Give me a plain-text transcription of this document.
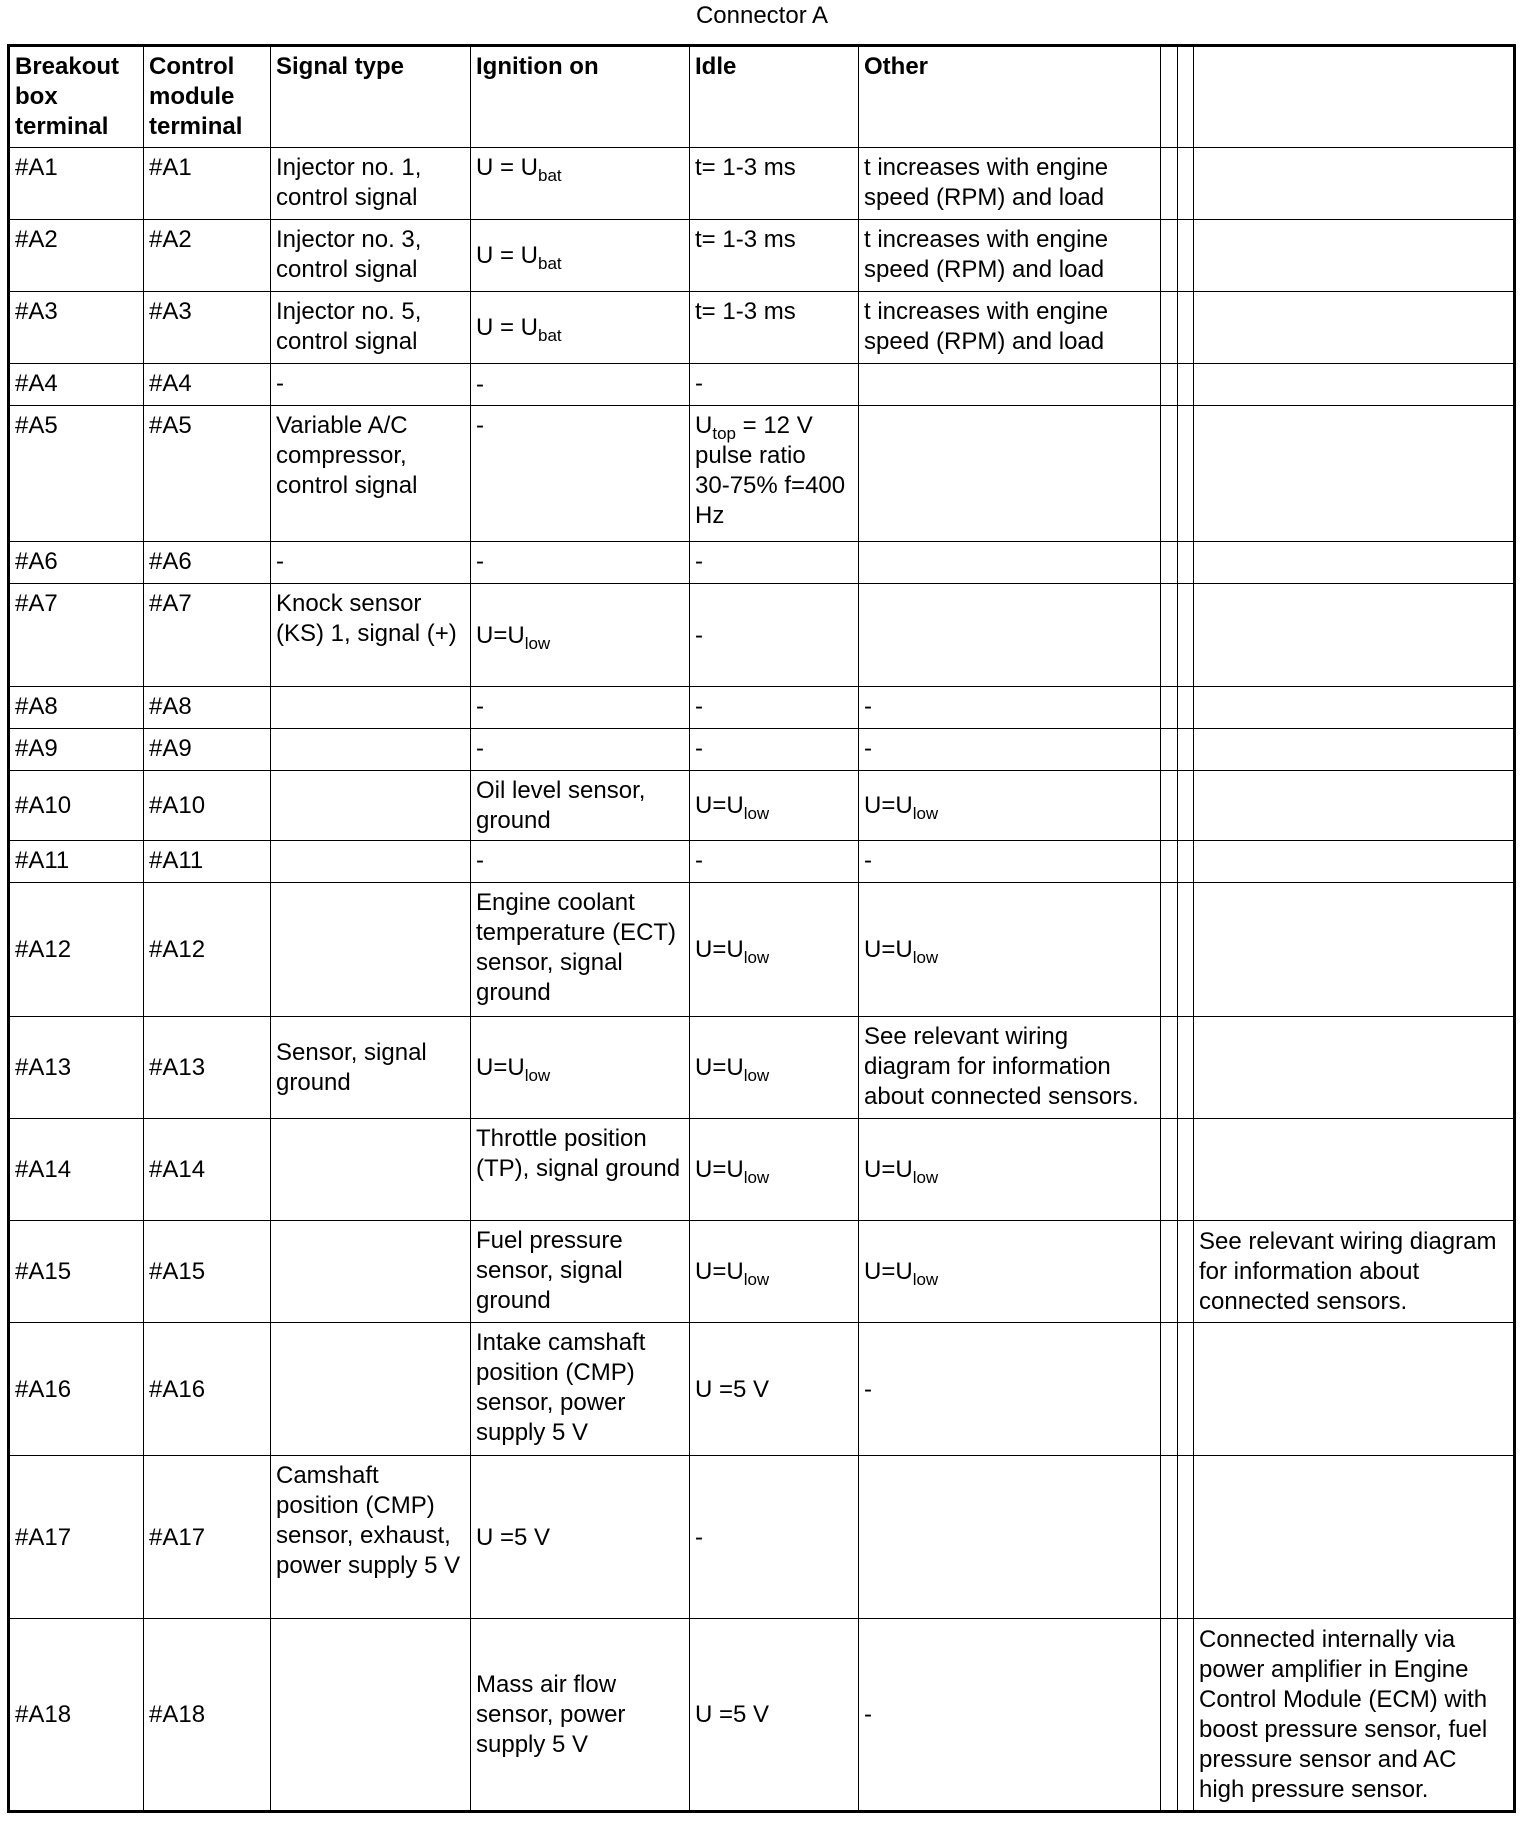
Connector A
Breakout box terminal	Control module terminal	Signal type	Ignition on	Idle	Other			
#A1	#A1	Injector no. 1, control signal	$U = U_{bat}$	t= 1-3 ms	t increases with engine speed (RPM) and load			
#A2	#A2	Injector no. 3, control signal	$U = U_{bat}$	t= 1-3 ms	t increases with engine speed (RPM) and load			
#A3	#A3	Injector no. 5, control signal	$U = U_{bat}$	t= 1-3 ms	t increases with engine speed (RPM) and load			
#A4	#A4	-	-	-				
#A5	#A5	Variable A/C compressor, control signal	-	$U_{top} = 12$ V
pulse ratio
30-75% f=400
Hz				
#A6	#A6	-	-	-				
#A7	#A7	Knock sensor (KS) 1, signal (+)	$U=U_{low}$	-				
#A8	#A8		-	-	-			
#A9	#A9		-	-	-			
#A10	#A10		Oil level sensor, ground	$U=U_{low}$	$U=U_{low}$			
#A11	#A11		-	-	-			
#A12	#A12		Engine coolant temperature (ECT) sensor, signal ground	$U=U_{low}$	$U=U_{low}$			
#A13	#A13	Sensor, signal ground	$U=U_{low}$	$U=U_{low}$	See relevant wiring diagram for information about connected sensors.			
#A14	#A14		Throttle position (TP), signal ground	$U=U_{low}$	$U=U_{low}$			
#A15	#A15		Fuel pressure sensor, signal ground	$U=U_{low}$	$U=U_{low}$			See relevant wiring diagram for information about connected sensors.
#A16	#A16		Intake camshaft position (CMP) sensor, power supply 5 V	U =5 V	-			
#A17	#A17	Camshaft position (CMP) sensor, exhaust, power supply 5 V	U =5 V	-				
#A18	#A18		Mass air flow sensor, power supply 5 V	U =5 V	-			Connected internally via power amplifier in Engine Control Module (ECM) with boost pressure sensor, fuel pressure sensor and AC high pressure sensor.
